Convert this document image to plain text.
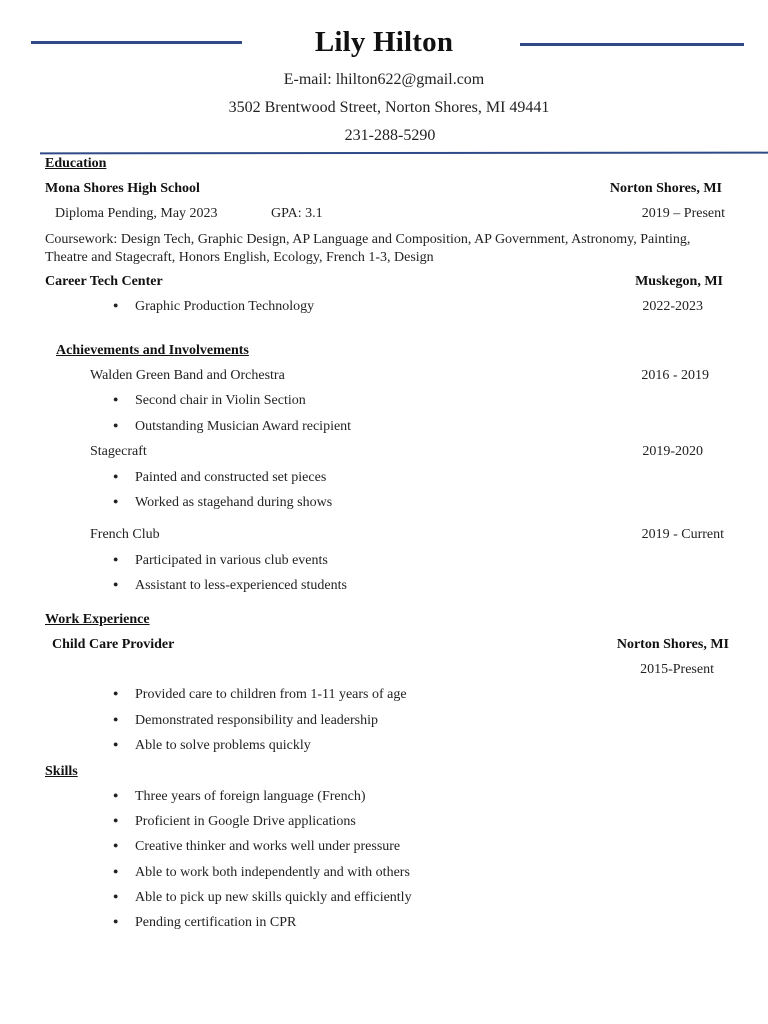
Lily Hilton
E-mail: lhilton622@gmail.com
3502 Brentwood Street, Norton Shores, MI 49441
231-288-5290
Education
Mona Shores High School	Norton Shores, MI
Diploma Pending, May 2023	GPA: 3.1	2019 – Present
Coursework: Design Tech, Graphic Design, AP Language and Composition, AP Government, Astronomy, Painting,
Theatre and Stagecraft, Honors English, Ecology, French 1-3, Design
Career Tech Center	Muskegon, MI
● Graphic Production Technology	2022-2023
Achievements and Involvements
Walden Green Band and Orchestra	2016 - 2019
● Second chair in Violin Section
● Outstanding Musician Award recipient
Stagecraft	2019-2020
● Painted and constructed set pieces
● Worked as stagehand during shows
French Club	2019 - Current
● Participated in various club events
● Assistant to less-experienced students
Work Experience
Child Care Provider	Norton Shores, MI
2015-Present
● Provided care to children from 1-11 years of age
● Demonstrated responsibility and leadership
● Able to solve problems quickly
Skills
● Three years of foreign language (French)
● Proficient in Google Drive applications
● Creative thinker and works well under pressure
● Able to work both independently and with others
● Able to pick up new skills quickly and efficiently
● Pending certification in CPR
